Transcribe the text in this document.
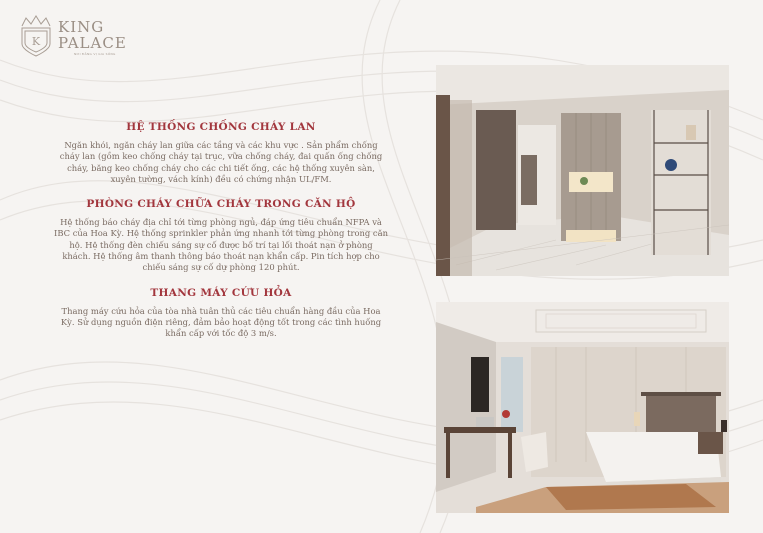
K
KING
PALACE
NƠI ĐẲNG VỊ GIA SỐNG
HỆ THỐNG CHỐNG CHÁY LAN

Ngăn khói, ngăn cháy lan giữa các tầng và các khu vực . Sản phẩm chống cháy lan (gồm keo chống cháy tại trục, vữa chống cháy, đai quấn ống chống cháy, băng keo chống cháy cho các chi tiết ống, các hệ thống xuyên sàn, xuyên tường, vách kính) đều có chứng nhận UL/FM.

PHÒNG CHÁY CHỮA CHÁY TRONG CĂN HỘ

Hệ thống báo cháy địa chỉ tới từng phòng ngủ, đáp ứng tiêu chuẩn NFPA và IBC của Hoa Kỳ. Hệ thống sprinkler phản ứng nhanh tới từng phòng trong căn hộ. Hệ thống đèn chiếu sáng sự cố được bố trí tại lối thoát nạn ở phòng khách. Hệ thống âm thanh thông báo thoát nạn khẩn cấp. Pin tích hợp cho chiếu sáng sự cố dự phòng 120 phút.

THANG MÁY CỨU HỎA

Thang máy cứu hỏa của tòa nhà tuân thủ các tiêu chuẩn hàng đầu của Hoa Kỳ. Sử dụng nguồn điện riêng, đảm bảo hoạt động tốt trong các tình huống khẩn cấp với tốc độ 3 m/s.
